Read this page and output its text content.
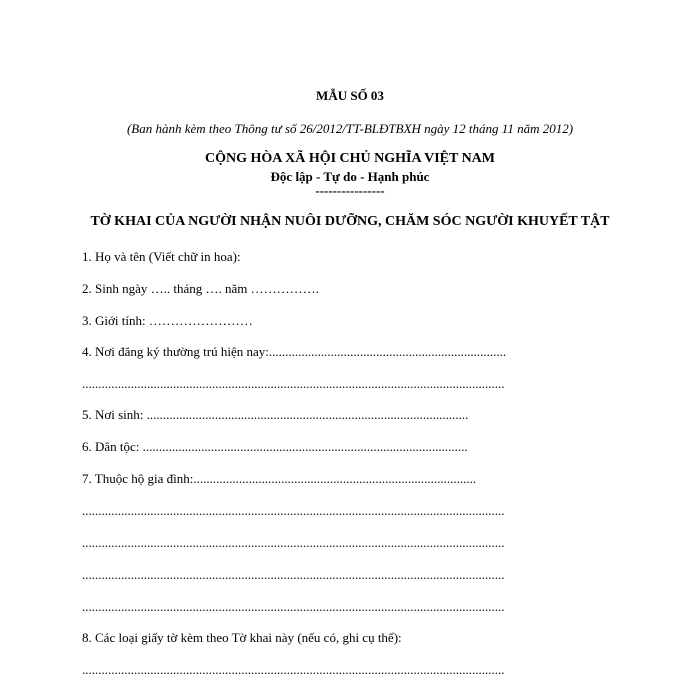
MẪU SỐ 03
(Ban hành kèm theo Thông tư số 26/2012/TT-BLĐTBXH ngày 12 tháng 11 năm 2012)
CỘNG HÒA XÃ HỘI CHỦ NGHĨA VIỆT NAM
Độc lập - Tự do - Hạnh phúc
----------------
TỜ KHAI CỦA NGƯỜI NHẬN NUÔI DƯỠNG, CHĂM SÓC NGƯỜI KHUYẾT TẬT
1. Họ và tên (Viết chữ in hoa):
2. Sinh ngày ….. tháng …. năm …………….
3. Giới tính: ……………………
4. Nơi đăng ký thường trú hiện nay:.........................................................................
..................................................................................................................................
5. Nơi sinh: ...................................................................................................
6. Dân tộc: ....................................................................................................
7. Thuộc hộ gia đình:.......................................................................................
..................................................................................................................................
..................................................................................................................................
..................................................................................................................................
..................................................................................................................................
8. Các loại giấy tờ kèm theo Tờ khai này (nếu có, ghi cụ thể):
..................................................................................................................................
